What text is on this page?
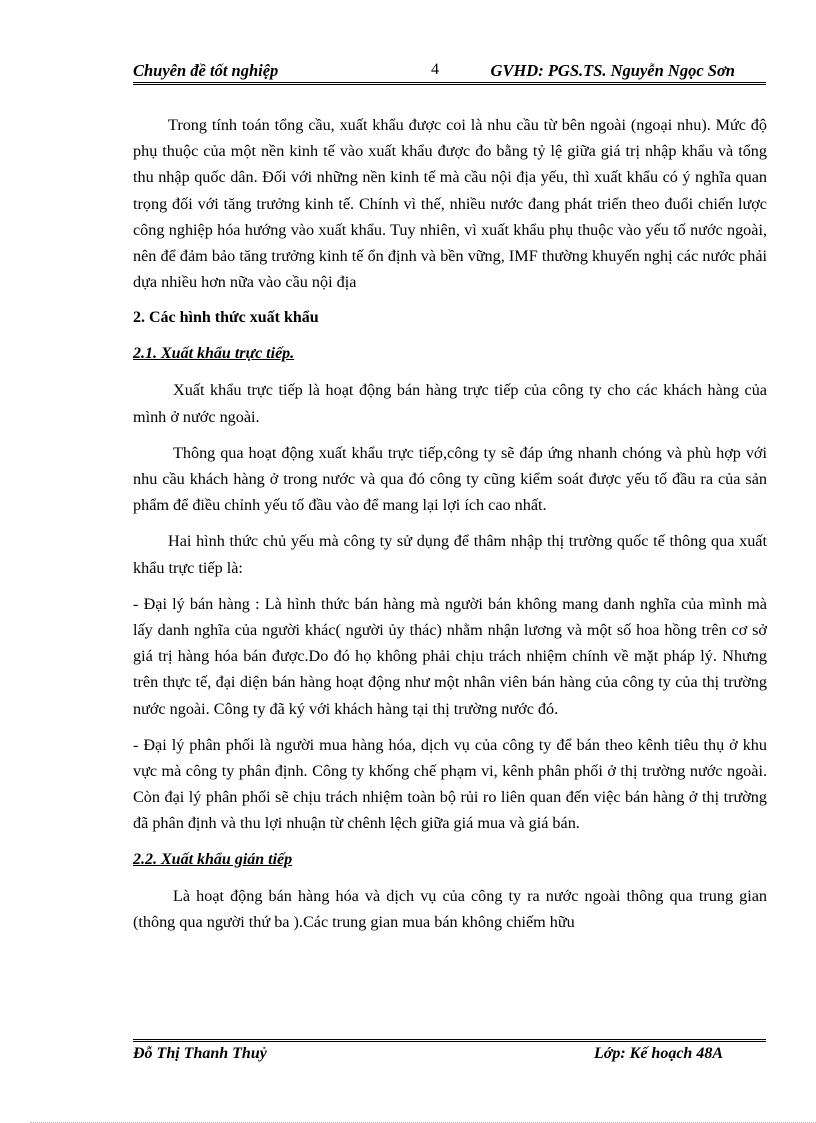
Chuyên đề tốt nghiệp	4	GVHD: PGS.TS. Nguyễn Ngọc Sơn

Trong tính toán tổng cầu, xuất khẩu được coi là nhu cầu từ bên ngoài (ngoại nhu). Mức độ phụ thuộc của một nền kinh tế vào xuất khẩu được đo bằng tỷ lệ giữa giá trị nhập khẩu và tổng thu nhập quốc dân. Đối với những nền kinh tế mà cầu nội địa yếu, thì xuất khẩu có ý nghĩa quan trọng đối với tăng trưởng kinh tế. Chính vì thế, nhiều nước đang phát triển theo đuổi chiến lược công nghiệp hóa hướng vào xuất khẩu. Tuy nhiên, vì xuất khẩu phụ thuộc vào yếu tố nước ngoài, nên để đảm bảo tăng trưởng kinh tế ổn định và bền vững, IMF thường khuyến nghị các nước phải dựa nhiều hơn nữa vào cầu nội địa

2. Các hình thức xuất khẩu

2.1. Xuất khẩu trực tiếp.

Xuất khẩu trực tiếp là hoạt động bán hàng trực tiếp của công ty cho các khách hàng của mình ở nước ngoài.

Thông qua hoạt động xuất khẩu trực tiếp,công ty sẽ đáp ứng nhanh chóng và phù hợp với nhu cầu khách hàng ở trong nước và qua đó công ty cũng kiểm soát được yếu tố đầu ra của sản phẩm để điều chỉnh yếu tố đầu vào để mang lại lợi ích cao nhất.

Hai hình thức chủ yếu mà công ty sử dụng để thâm nhập thị trường quốc tế thông qua xuất khẩu trực tiếp là:

- Đại lý bán hàng : Là hình thức bán hàng mà người bán không mang danh nghĩa của mình mà lấy danh nghĩa của người khác( người ủy thác) nhằm nhận lương và một số hoa hồng trên cơ sở giá trị hàng hóa bán được.Do đó họ không phải chịu trách nhiệm chính về mặt pháp lý. Nhưng trên thực tế, đại diện bán hàng hoạt động như một nhân viên bán hàng của công ty của thị trường nước ngoài. Công ty đã ký với khách hàng tại thị trường nước đó.

- Đại lý phân phối là người mua hàng hóa, dịch vụ của công ty để bán theo kênh tiêu thụ ở khu vực mà công ty phân định. Công ty khống chế phạm vi, kênh phân phối ở thị trường nước ngoài. Còn đại lý phân phối sẽ chịu trách nhiệm toàn bộ rủi ro liên quan đến việc bán hàng ở thị trường đã phân định và thu lợi nhuận từ chênh lệch giữa giá mua và giá bán.

2.2. Xuất khẩu gián tiếp

Là hoạt động bán hàng hóa và dịch vụ của công ty ra nước ngoài thông qua trung gian (thông qua người thứ ba ).Các trung gian mua bán không chiếm hữu

Đỗ Thị Thanh Thuỷ	Lớp: Kế hoạch 48A
